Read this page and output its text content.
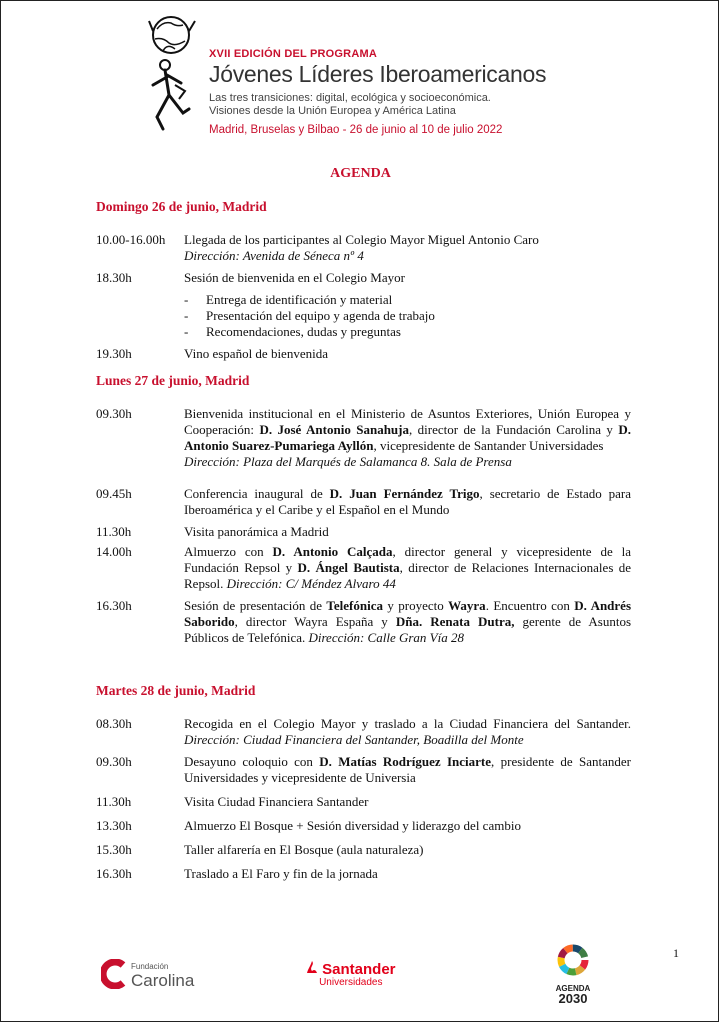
XVII EDICIÓN DEL PROGRAMA
Jóvenes Líderes Iberoamericanos
Las tres transiciones: digital, ecológica y socioeconómica.
Visiones desde la Unión Europea y América Latina
Madrid, Bruselas y Bilbao - 26 de junio al 10 de julio 2022
AGENDA
Domingo 26 de junio, Madrid
10.00-16.00h	Llegada de los participantes al Colegio Mayor Miguel Antonio Caro
Dirección: Avenida de Séneca nº 4
18.30h	Sesión de bienvenida en el Colegio Mayor
-	Entrega de identificación y material
-	Presentación del equipo y agenda de trabajo
-	Recomendaciones, dudas y preguntas
19.30h	Vino español de bienvenida
Lunes 27 de junio, Madrid
09.30h	Bienvenida institucional en el Ministerio de Asuntos Exteriores, Unión Europea y Cooperación: D. José Antonio Sanahuja, director de la Fundación Carolina y D. Antonio Suarez-Pumariega Ayllón, vicepresidente de Santander Universidades
Dirección: Plaza del Marqués de Salamanca 8. Sala de Prensa
09.45h	Conferencia inaugural de D. Juan Fernández Trigo, secretario de Estado para Iberoamérica y el Caribe y el Español en el Mundo
11.30h	Visita panorámica a Madrid
14.00h	Almuerzo con D. Antonio Calçada, director general y vicepresidente de la Fundación Repsol y D. Ángel Bautista, director de Relaciones Internacionales de Repsol. Dirección: C/ Méndez Alvaro 44
16.30h	Sesión de presentación de Telefónica y proyecto Wayra. Encuentro con D. Andrés Saborido, director Wayra España y Dña. Renata Dutra, gerente de Asuntos Públicos de Telefónica. Dirección: Calle Gran Vía 28
Martes 28 de junio, Madrid
08.30h	Recogida en el Colegio Mayor y traslado a la Ciudad Financiera del Santander. Dirección: Ciudad Financiera del Santander, Boadilla del Monte
09.30h	Desayuno coloquio con D. Matías Rodríguez Inciarte, presidente de Santander Universidades y vicepresidente de Universia
11.30h	Visita Ciudad Financiera Santander
13.30h	Almuerzo El Bosque + Sesión diversidad y liderazgo del cambio
15.30h	Taller alfarería en El Bosque (aula naturaleza)
16.30h	Traslado a El Faro y fin de la jornada
1
Fundación
Carolina
Santander
Universidades
AGENDA
2030
